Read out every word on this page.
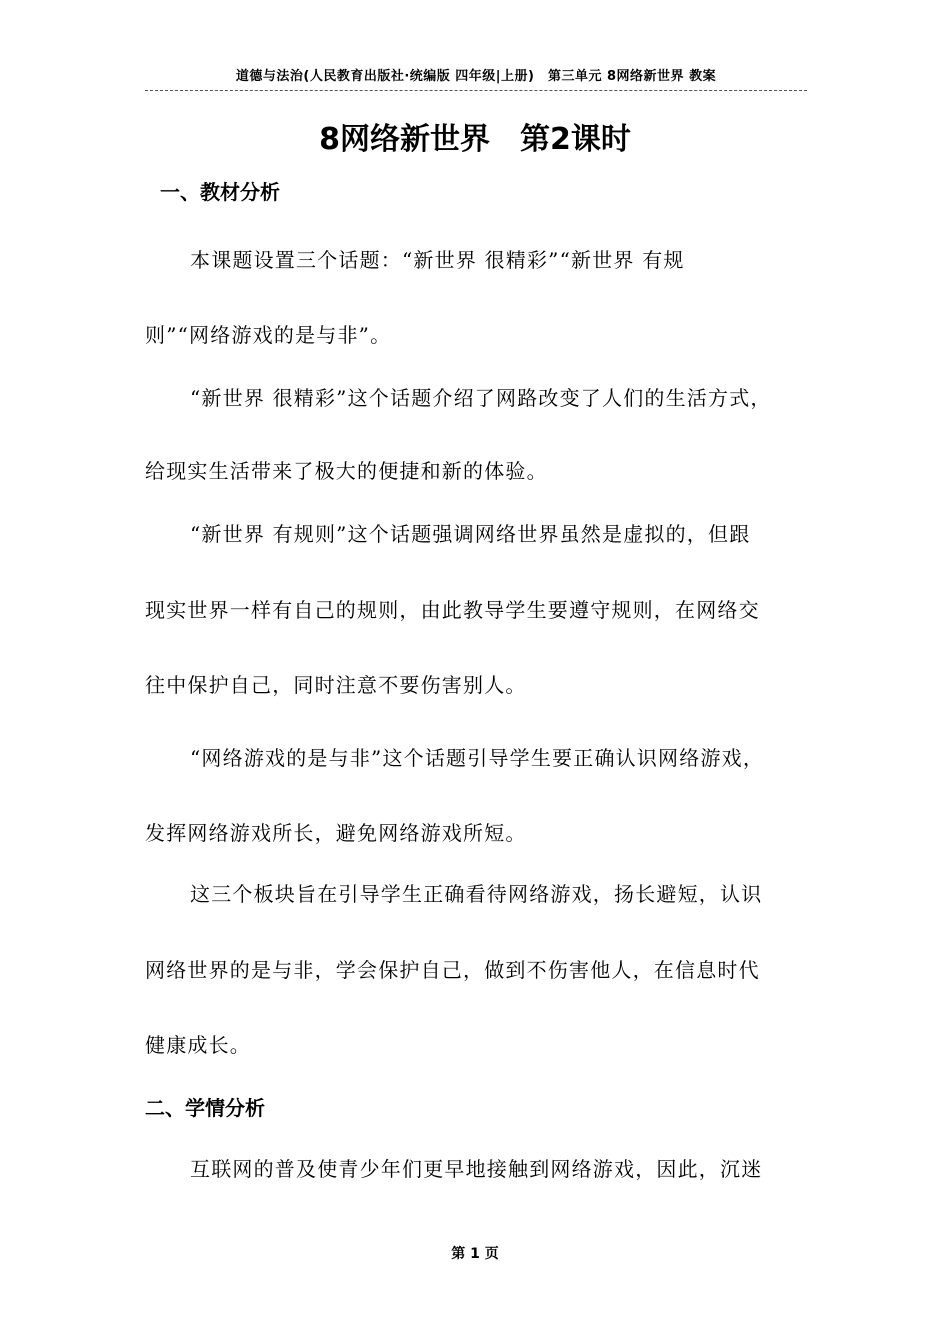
道德与法治(人民教育出版社·统编版 四年级|上册)　第三单元 8网络新世界 教案
8网络新世界　第2课时
一、教材分析
本课题设置三个话题：“新世界 很精彩”“新世界 有规
则”“网络游戏的是与非”。
“新世界 很精彩”这个话题介绍了网路改变了人们的生活方式，
给现实生活带来了极大的便捷和新的体验。
“新世界 有规则”这个话题强调网络世界虽然是虚拟的，但跟
现实世界一样有自己的规则，由此教导学生要遵守规则，在网络交
往中保护自己，同时注意不要伤害别人。
“网络游戏的是与非”这个话题引导学生要正确认识网络游戏，
发挥网络游戏所长，避免网络游戏所短。
这三个板块旨在引导学生正确看待网络游戏，扬长避短，认识
网络世界的是与非，学会保护自己，做到不伤害他人，在信息时代
健康成长。
二、学情分析
互联网的普及使青少年们更早地接触到网络游戏，因此，沉迷
第 1 页
